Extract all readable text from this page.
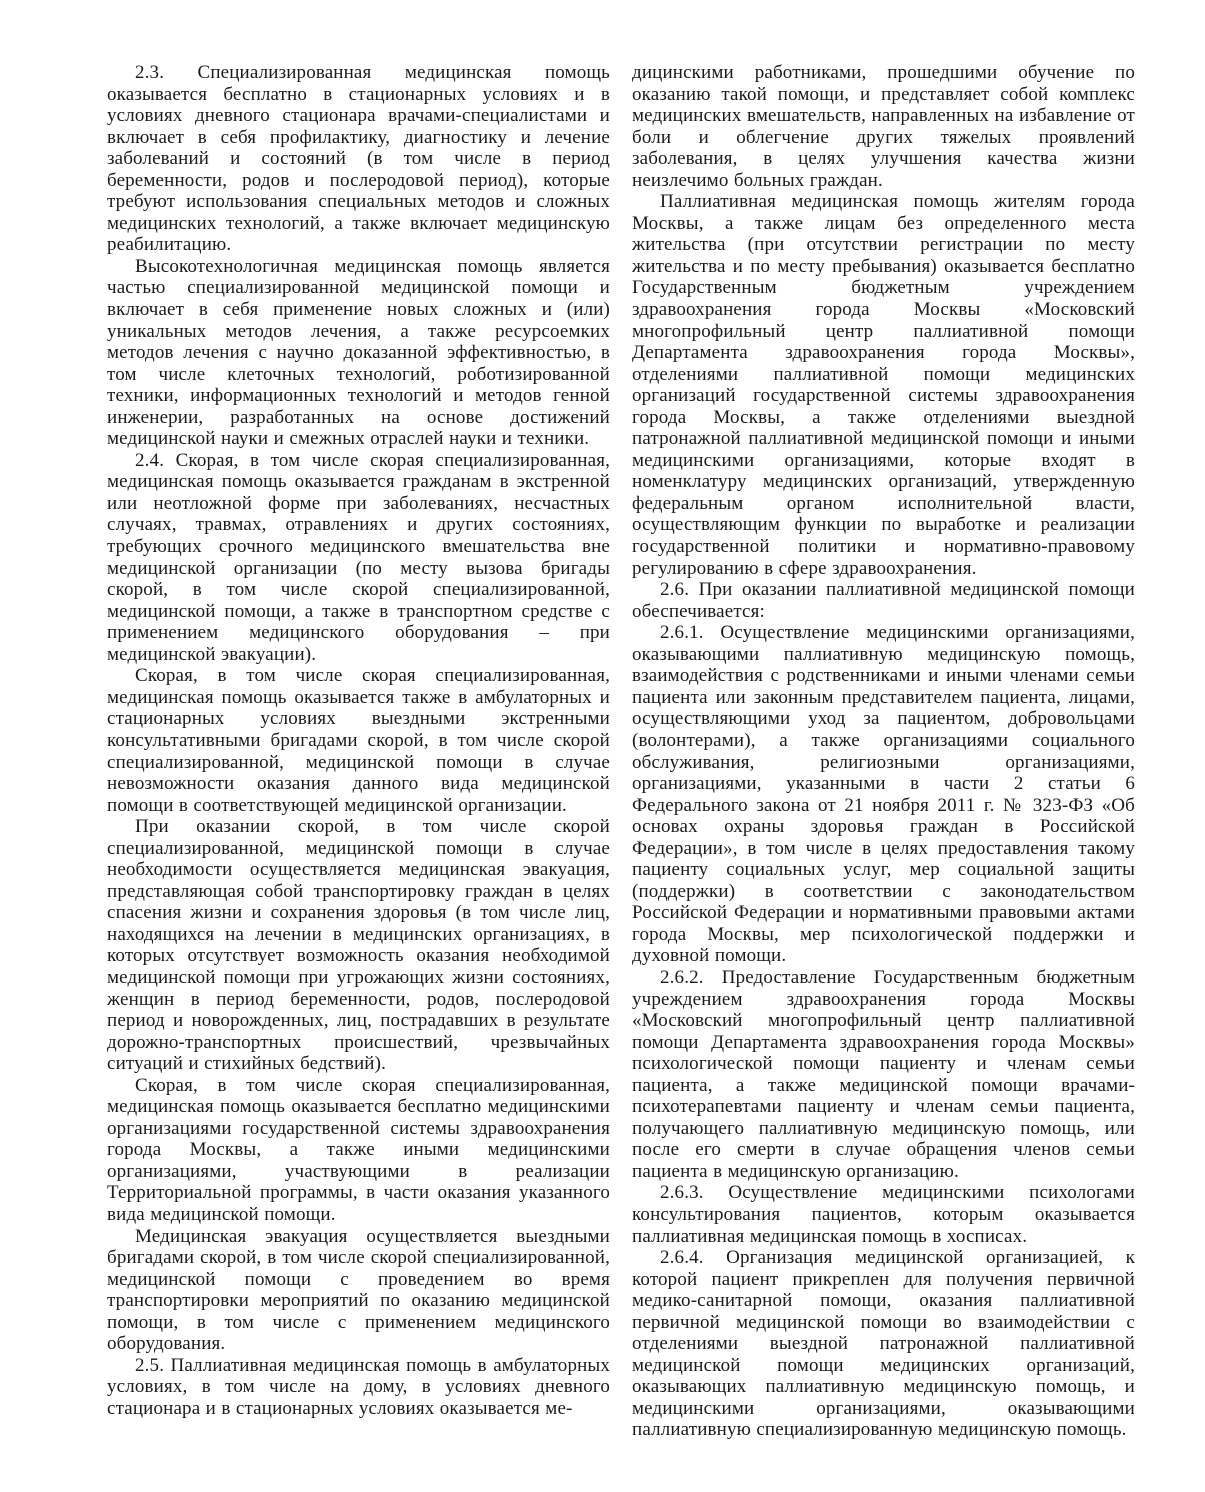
2.3. Специализированная медицинская помощь оказывается бесплатно в стационарных условиях и в условиях дневного стационара врачами-специалистами и включает в себя профилактику, диагностику и лечение заболеваний и состояний (в том числе в период беременности, родов и послеродовой период), которые требуют использования специальных методов и сложных медицинских технологий, а также включает медицинскую реабилитацию.

Высокотехнологичная медицинская помощь является частью специализированной медицинской помощи и включает в себя применение новых сложных и (или) уникальных методов лечения, а также ресурсоемких методов лечения с научно доказанной эффективностью, в том числе клеточных технологий, роботизированной техники, информационных технологий и методов генной инженерии, разработанных на основе достижений медицинской науки и смежных отраслей науки и техники.

2.4. Скорая, в том числе скорая специализированная, медицинская помощь оказывается гражданам в экстренной или неотложной форме при заболеваниях, несчастных случаях, травмах, отравлениях и других состояниях, требующих срочного медицинского вмешательства вне медицинской организации (по месту вызова бригады скорой, в том числе скорой специализированной, медицинской помощи, а также в транспортном средстве с применением медицинского оборудования – при медицинской эвакуации).

Скорая, в том числе скорая специализированная, медицинская помощь оказывается также в амбулаторных и стационарных условиях выездными экстренными консультативными бригадами скорой, в том числе скорой специализированной, медицинской помощи в случае невозможности оказания данного вида медицинской помощи в соответствующей медицинской организации.

При оказании скорой, в том числе скорой специализированной, медицинской помощи в случае необходимости осуществляется медицинская эвакуация, представляющая собой транспортировку граждан в целях спасения жизни и сохранения здоровья (в том числе лиц, находящихся на лечении в медицинских организациях, в которых отсутствует возможность оказания необходимой медицинской помощи при угрожающих жизни состояниях, женщин в период беременности, родов, послеродовой период и новорожденных, лиц, пострадавших в результате дорожно-транспортных происшествий, чрезвычайных ситуаций и стихийных бедствий).

Скорая, в том числе скорая специализированная, медицинская помощь оказывается бесплатно медицинскими организациями государственной системы здравоохранения города Москвы, а также иными медицинскими организациями, участвующими в реализации Территориальной программы, в части оказания указанного вида медицинской помощи.

Медицинская эвакуация осуществляется выездными бригадами скорой, в том числе скорой специализированной, медицинской помощи с проведением во время транспортировки мероприятий по оказанию медицинской помощи, в том числе с применением медицинского оборудования.

2.5. Паллиативная медицинская помощь в амбулаторных условиях, в том числе на дому, в условиях дневного стационара и в стационарных условиях оказывается ме-

дицинскими работниками, прошедшими обучение по оказанию такой помощи, и представляет собой комплекс медицинских вмешательств, направленных на избавление от боли и облегчение других тяжелых проявлений заболевания, в целях улучшения качества жизни неизлечимо больных граждан.

Паллиативная медицинская помощь жителям города Москвы, а также лицам без определенного места жительства (при отсутствии регистрации по месту жительства и по месту пребывания) оказывается бесплатно Государственным бюджетным учреждением здравоохранения города Москвы «Московский многопрофильный центр паллиативной помощи Департамента здравоохранения города Москвы», отделениями паллиативной помощи медицинских организаций государственной системы здравоохранения города Москвы, а также отделениями выездной патронажной паллиативной медицинской помощи и иными медицинскими организациями, которые входят в номенклатуру медицинских организаций, утвержденную федеральным органом исполнительной власти, осуществляющим функции по выработке и реализации государственной политики и нормативно-правовому регулированию в сфере здравоохранения.

2.6. При оказании паллиативной медицинской помощи обеспечивается:

2.6.1. Осуществление медицинскими организациями, оказывающими паллиативную медицинскую помощь, взаимодействия с родственниками и иными членами семьи пациента или законным представителем пациента, лицами, осуществляющими уход за пациентом, добровольцами (волонтерами), а также организациями социального обслуживания, религиозными организациями, организациями, указанными в части 2 статьи 6 Федерального закона от 21 ноября 2011 г. № 323-ФЗ «Об основах охраны здоровья граждан в Российской Федерации», в том числе в целях предоставления такому пациенту социальных услуг, мер социальной защиты (поддержки) в соответствии с законодательством Российской Федерации и нормативными правовыми актами города Москвы, мер психологической поддержки и духовной помощи.

2.6.2. Предоставление Государственным бюджетным учреждением здравоохранения города Москвы «Московский многопрофильный центр паллиативной помощи Департамента здравоохранения города Москвы» психологической помощи пациенту и членам семьи пациента, а также медицинской помощи врачами-психотерапевтами пациенту и членам семьи пациента, получающего паллиативную медицинскую помощь, или после его смерти в случае обращения членов семьи пациента в медицинскую организацию.

2.6.3. Осуществление медицинскими психологами консультирования пациентов, которым оказывается паллиативная медицинская помощь в хосписах.

2.6.4. Организация медицинской организацией, к которой пациент прикреплен для получения первичной медико-санитарной помощи, оказания паллиативной первичной медицинской помощи во взаимодействии с отделениями выездной патронажной паллиативной медицинской помощи медицинских организаций, оказывающих паллиативную медицинскую помощь, и медицинскими организациями, оказывающими паллиативную специализированную медицинскую помощь.
